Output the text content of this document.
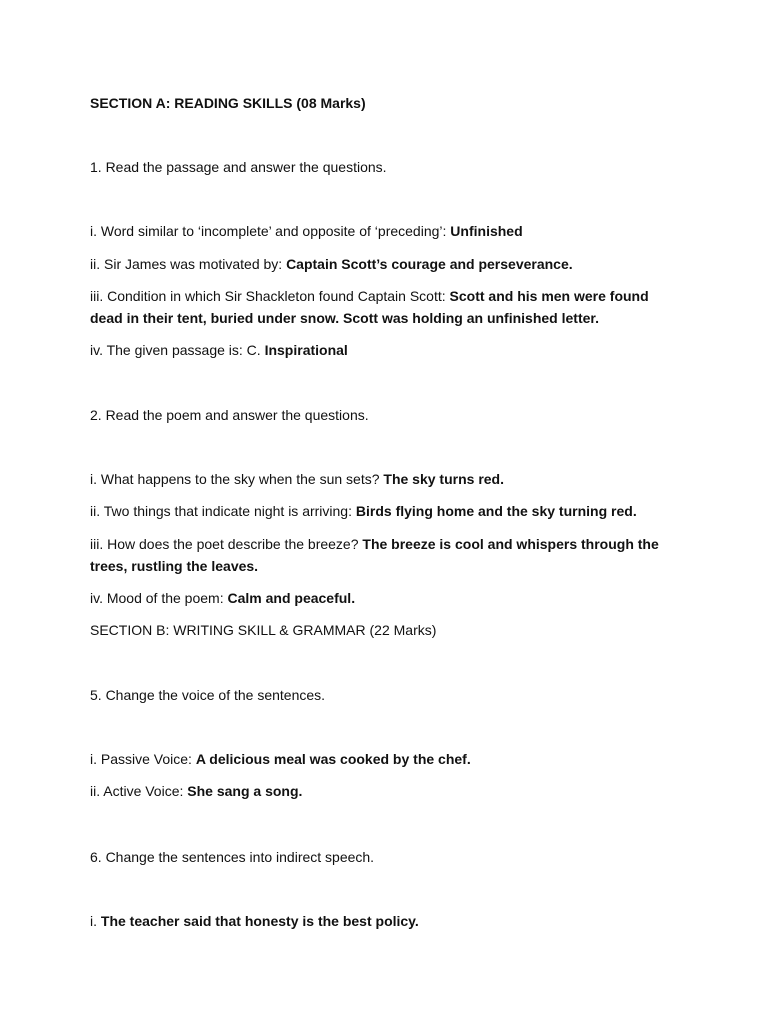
SECTION A: READING SKILLS (08 Marks)

1. Read the passage and answer the questions.

i. Word similar to ‘incomplete’ and opposite of ‘preceding’: Unfinished

ii. Sir James was motivated by: Captain Scott’s courage and perseverance.

iii. Condition in which Sir Shackleton found Captain Scott: Scott and his men were found dead in their tent, buried under snow. Scott was holding an unfinished letter.

iv. The given passage is: C. Inspirational

2. Read the poem and answer the questions.

i. What happens to the sky when the sun sets? The sky turns red.

ii. Two things that indicate night is arriving: Birds flying home and the sky turning red.

iii. How does the poet describe the breeze? The breeze is cool and whispers through the trees, rustling the leaves.

iv. Mood of the poem: Calm and peaceful.

SECTION B: WRITING SKILL & GRAMMAR (22 Marks)

5. Change the voice of the sentences.

i. Passive Voice: A delicious meal was cooked by the chef.

ii. Active Voice: She sang a song.

6. Change the sentences into indirect speech.

i. The teacher said that honesty is the best policy.
